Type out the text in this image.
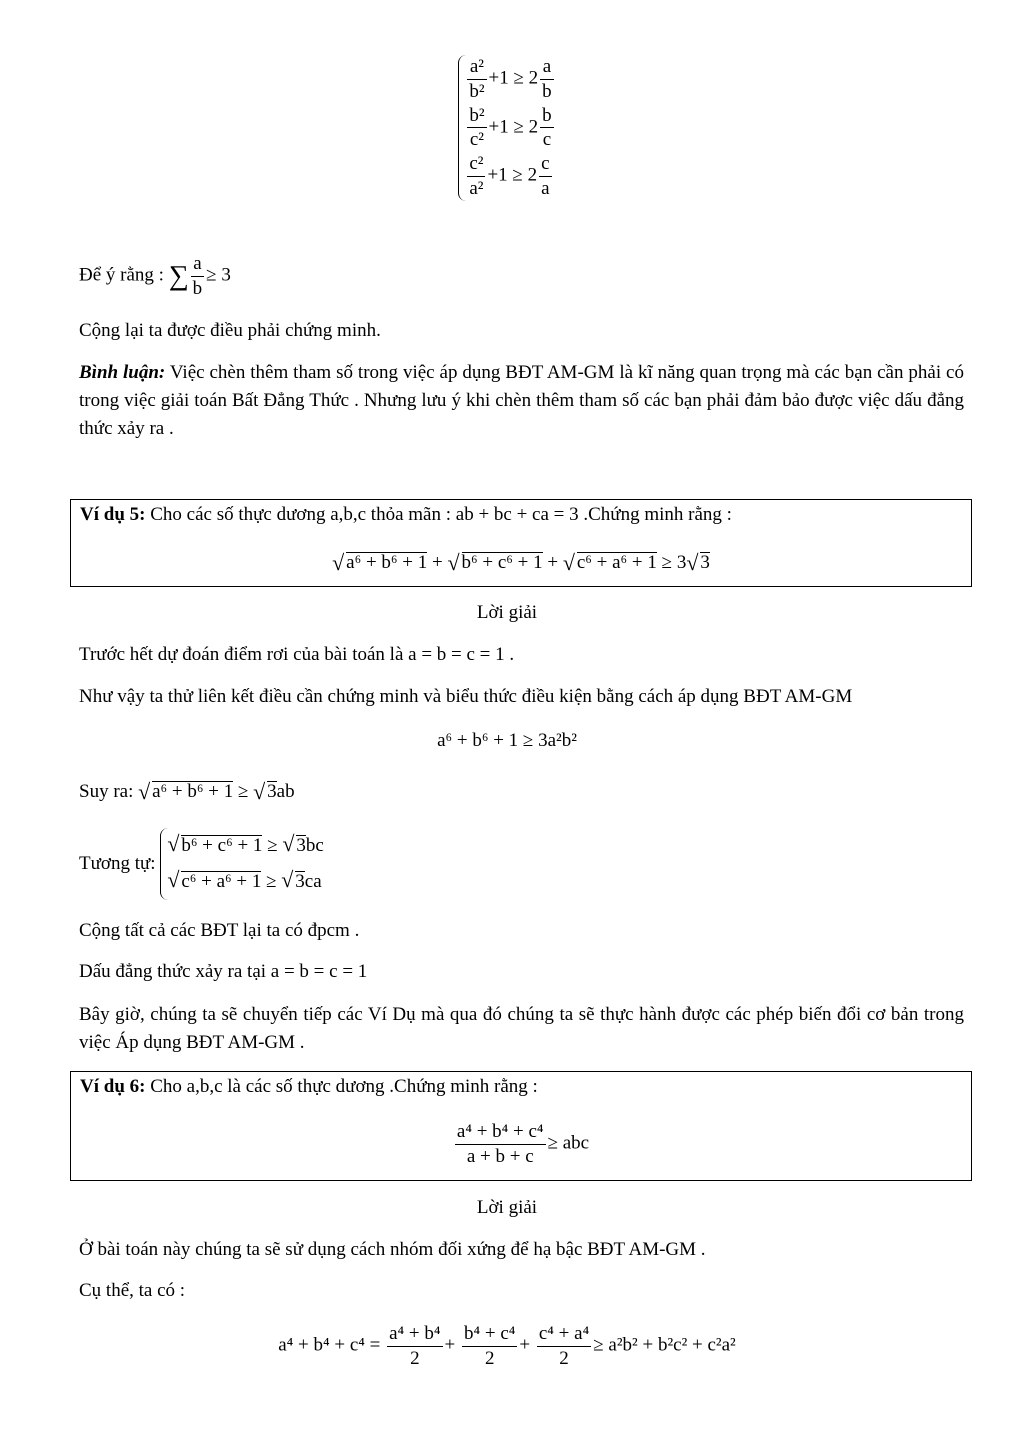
$\frac{\text{a²}}{\text{b²}} +1 \ge 2 \frac{a}{b}$
$\frac{\text{b²}}{\text{c²}} +1 \ge 2 \frac{b}{c}$
$\frac{\text{c²}}{\text{a²}} +1 \ge 2 \frac{c}{a}$
Để ý rằng : ∑ $\frac{a}{b} \ge 3$
Cộng lại ta được điều phải chứng minh.
Bình luận: Việc chèn thêm tham số trong việc áp dụng BĐT AM-GM là kĩ năng quan trọng mà các bạn cần phải có trong việc giải toán Bất Đẳng Thức . Nhưng lưu ý khi chèn thêm tham số các bạn phải đảm bảo được việc dấu đẳng thức xảy ra .
Ví dụ 5: Cho các số thực dương a,b,c thỏa mãn : ab + bc + ca = 3 .Chứng minh rằng :
√ a⁶ + b⁶ + 1 + √ b⁶ + c⁶ + 1 + √ c⁶ + a⁶ + 1 ≥ 3 √ 3
Lời giải
Trước hết dự đoán điểm rơi của bài toán là a = b = c = 1 .
Như vậy ta thử liên kết điều cần chứng minh và biểu thức điều kiện bằng cách áp dụng BĐT AM-GM
a⁶ + b⁶ + 1 ≥ 3a²b²
Suy ra: √ a⁶ + b⁶ + 1 ≥ √ 3ab
Tương tự:
√ b⁶ + c⁶ + 1 ≥ √ 3bc
√ c⁶ + a⁶ + 1 ≥ √ 3ca
Cộng tất cả các BĐT lại ta có đpcm .
Dấu đẳng thức xảy ra tại a = b = c = 1
Bây giờ, chúng ta sẽ chuyển tiếp các Ví Dụ mà qua đó chúng ta sẽ thực hành được các phép biến đổi cơ bản trong việc Áp dụng BĐT AM-GM .
Ví dụ 6: Cho a,b,c là các số thực dương .Chứng minh rằng :
$\frac{\text{a⁴ + b⁴ + c⁴}}{a + b + c}$ ≥ abc
Lời giải
Ở bài toán này chúng ta sẽ sử dụng cách nhóm đối xứng để hạ bậc BĐT AM-GM .
Cụ thể, ta có :
$a^4 + b^4 + c^4 = \frac{\text{a⁴ + b⁴}}{2} + \frac{\text{b⁴ + c⁴}}{2} + \frac{\text{c⁴ + a⁴}}{2} \ge a^2b^2 + b^2c^2 + c^2a^2$
